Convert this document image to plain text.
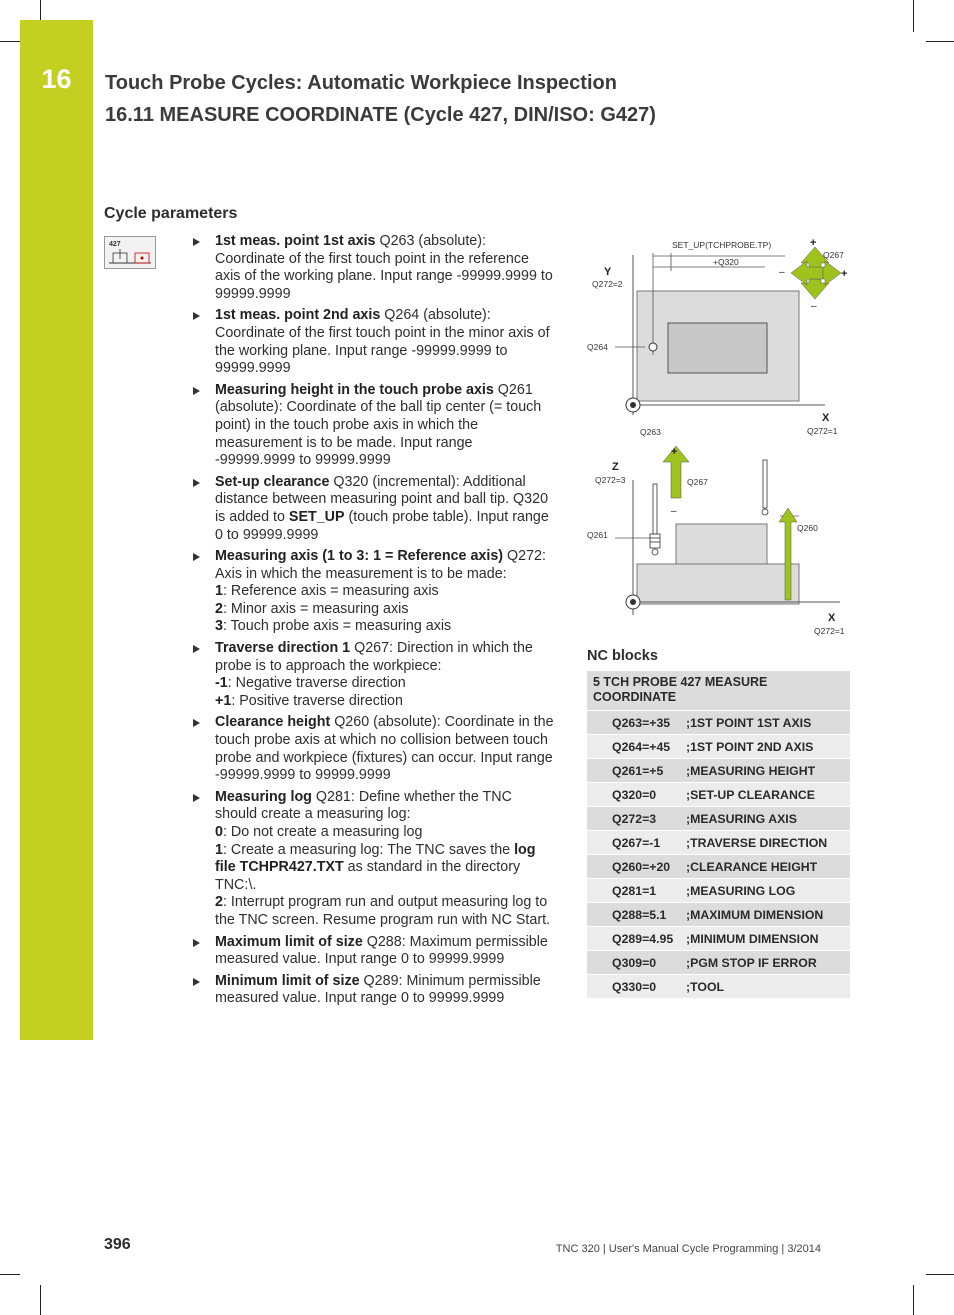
16	Touch Probe Cycles: Automatic Workpiece Inspection
16.11 MEASURE COORDINATE (Cycle 427, DIN/ISO: G427)
Cycle parameters
427	1st meas. point 1st axis Q263 (absolute): Coordinate of the first touch point in the reference axis of the working plane. Input range -99999.9999 to 99999.9999
1st meas. point 2nd axis Q264 (absolute): Coordinate of the first touch point in the minor axis of the working plane. Input range -99999.9999 to 99999.9999
Measuring height in the touch probe axis Q261 (absolute): Coordinate of the ball tip center (= touch point) in the touch probe axis in which the measurement is to be made. Input range -99999.9999 to 99999.9999
Set-up clearance Q320 (incremental): Additional distance between measuring point and ball tip. Q320 is added to SET_UP (touch probe table). Input range 0 to 99999.9999
Measuring axis (1 to 3: 1 = Reference axis) Q272: Axis in which the measurement is to be made:
1: Reference axis = measuring axis
2: Minor axis = measuring axis
3: Touch probe axis = measuring axis
Traverse direction 1 Q267: Direction in which the probe is to approach the workpiece:
-1: Negative traverse direction
+1: Positive traverse direction
Clearance height Q260 (absolute): Coordinate in the touch probe axis at which no collision between touch probe and workpiece (fixtures) can occur. Input range -99999.9999 to 99999.9999
Measuring log Q281: Define whether the TNC should create a measuring log:
0: Do not create a measuring log
1: Create a measuring log: The TNC saves the log file TCHPR427.TXT as standard in the directory TNC:\.
2: Interrupt program run and output measuring log to the TNC screen. Resume program run with NC Start.
Maximum limit of size Q288: Maximum permissible measured value. Input range 0 to 99999.9999
Minimum limit of size Q289: Minimum permissible measured value. Input range 0 to 99999.9999
SET_UP(TCHPROBE.TP)
+Q320
Y
Q272=2
Q264
Q263
X
Q272=1
Q267
+
+
–
–
Z
Q272=3	Q267
Q261
Q260
X
Q272=1
+
–
NC blocks
5 TCH PROBE 427 MEASURE COORDINATE
Q263=+35	;1ST POINT 1ST AXIS
Q264=+45	;1ST POINT 2ND AXIS
Q261=+5	;MEASURING HEIGHT
Q320=0	;SET-UP CLEARANCE
Q272=3	;MEASURING AXIS
Q267=-1	;TRAVERSE DIRECTION
Q260=+20	;CLEARANCE HEIGHT
Q281=1	;MEASURING LOG
Q288=5.1	;MAXIMUM DIMENSION
Q289=4.95	;MINIMUM DIMENSION
Q309=0	;PGM STOP IF ERROR
Q330=0	;TOOL
396	TNC 320 | User's Manual Cycle Programming | 3/2014
